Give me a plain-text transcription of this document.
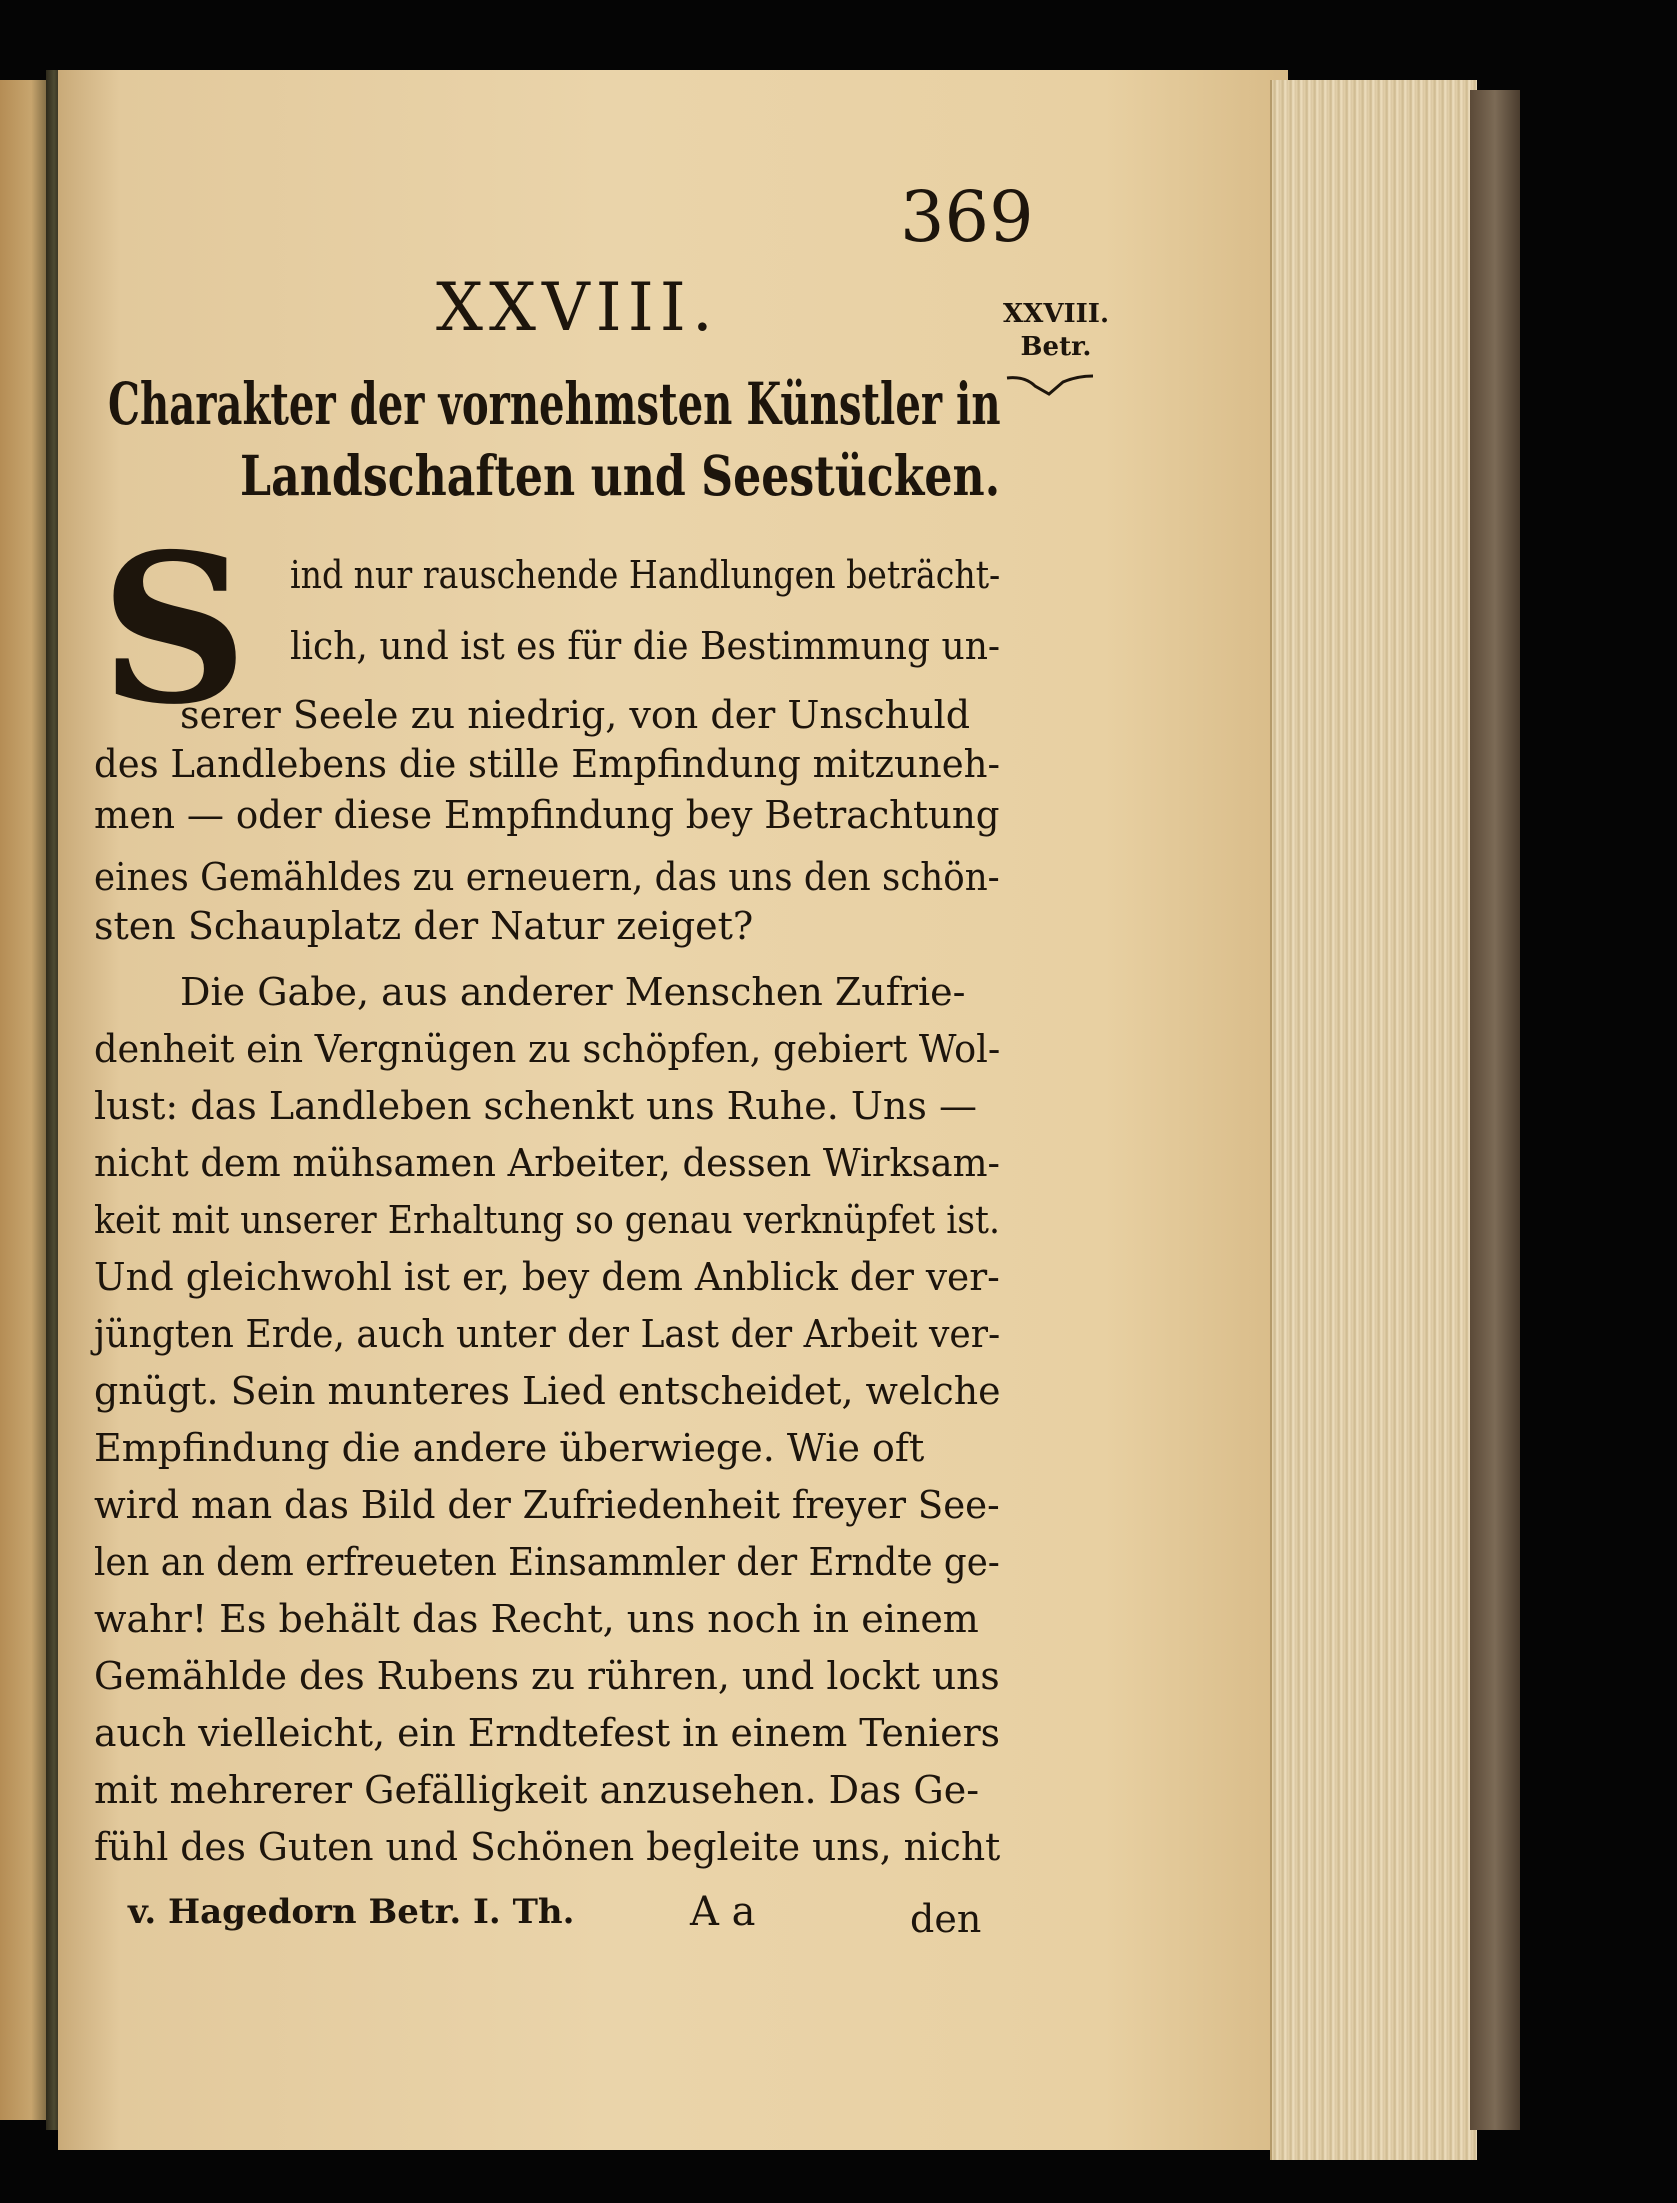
369

XXVIII.	XXVIII.
Betr.

Charakter der vornehmsten Künstler in

Landschaften und Seestücken.

S ind nur rauschende Handlungen beträcht-

lich, und ist es für die Bestimmung un-

serer Seele zu niedrig, von der Unschuld

des Landlebens die stille Empfindung mitzuneh-

men — oder diese Empfindung bey Betrachtung

eines Gemähldes zu erneuern, das uns den schön-

sten Schauplatz der Natur zeiget?

Die Gabe, aus anderer Menschen Zufrie-

denheit ein Vergnügen zu schöpfen, gebiert Wol-

lust: das Landleben schenkt uns Ruhe. Uns —

nicht dem mühsamen Arbeiter, dessen Wirksam-

keit mit unserer Erhaltung so genau verknüpfet ist.

Und gleichwohl ist er, bey dem Anblick der ver-

jüngten Erde, auch unter der Last der Arbeit ver-

gnügt. Sein munteres Lied entscheidet, welche

Empfindung die andere überwiege. Wie oft

wird man das Bild der Zufriedenheit freyer See-

len an dem erfreueten Einsammler der Erndte ge-

wahr! Es behält das Recht, uns noch in einem

Gemählde des Rubens zu rühren, und lockt uns

auch vielleicht, ein Erndtefest in einem Teniers

mit mehrerer Gefälligkeit anzusehen. Das Ge-

fühl des Guten und Schönen begleite uns, nicht

v. Hagedorn Betr. I. Th.	A a	den
